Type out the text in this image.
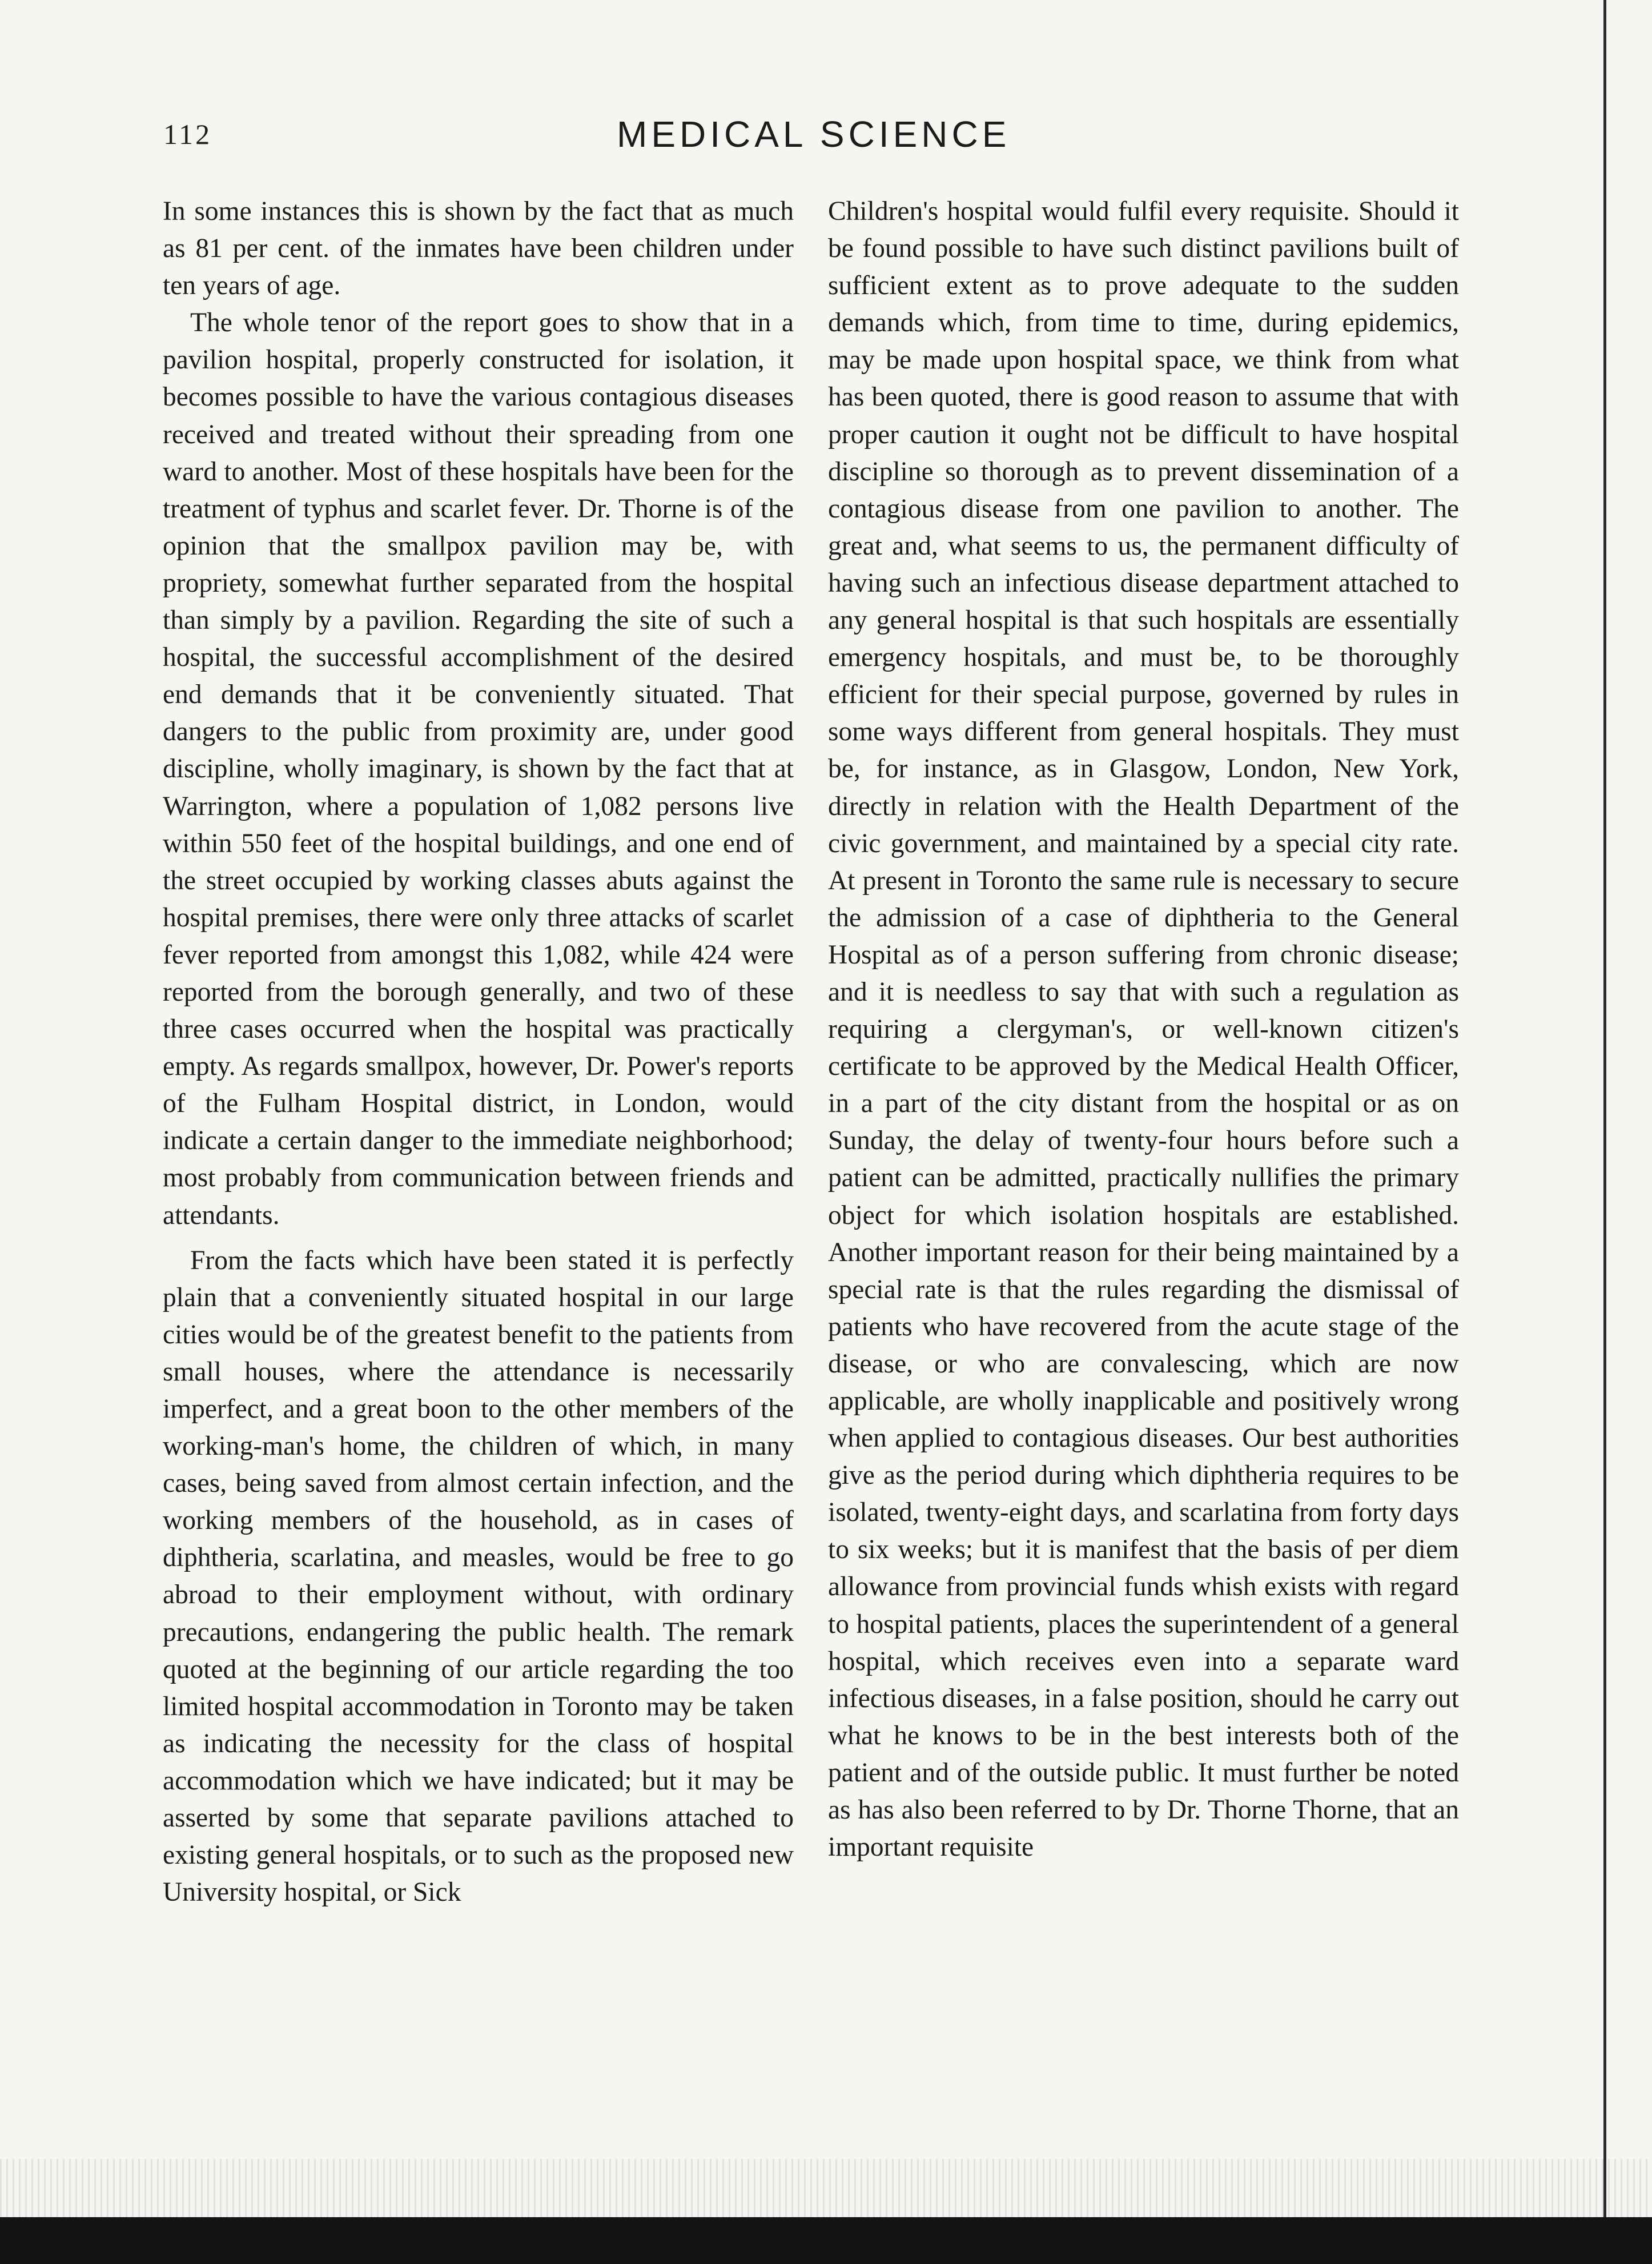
112	MEDICAL SCIENCE

In some instances this is shown by the fact that as much as 81 per cent. of the inmates have been children under ten years of age.

The whole tenor of the report goes to show that in a pavilion hospital, properly constructed for isolation, it becomes possible to have the various contagious diseases received and treated without their spreading from one ward to another. Most of these hospitals have been for the treatment of typhus and scarlet fever. Dr. Thorne is of the opinion that the smallpox pavilion may be, with propriety, somewhat further separated from the hospital than simply by a pavilion. Regarding the site of such a hospital, the successful accomplishment of the desired end demands that it be conveniently situated. That dangers to the public from proximity are, under good discipline, wholly imaginary, is shown by the fact that at Warrington, where a population of 1,082 persons live within 550 feet of the hospital buildings, and one end of the street occupied by working classes abuts against the hospital premises, there were only three attacks of scarlet fever reported from amongst this 1,082, while 424 were reported from the borough generally, and two of these three cases occurred when the hospital was practically empty. As regards smallpox, however, Dr. Power's reports of the Fulham Hospital district, in London, would indicate a certain danger to the immediate neighborhood; most probably from communication between friends and attendants.

From the facts which have been stated it is perfectly plain that a conveniently situated hospital in our large cities would be of the greatest benefit to the patients from small houses, where the attendance is necessarily imperfect, and a great boon to the other members of the working-man's home, the children of which, in many cases, being saved from almost certain infection, and the working members of the household, as in cases of diphtheria, scarlatina, and measles, would be free to go abroad to their employment without, with ordinary precautions, endangering the public health. The remark quoted at the beginning of our article regarding the too limited hospital accommodation in Toronto may be taken as indicating the necessity for the class of hospital accommodation which we have indicated; but it may be asserted by some that separate pavilions attached to existing general hospitals, or to such as the proposed new University hospital, or Sick

Children's hospital would fulfil every requisite. Should it be found possible to have such distinct pavilions built of sufficient extent as to prove adequate to the sudden demands which, from time to time, during epidemics, may be made upon hospital space, we think from what has been quoted, there is good reason to assume that with proper caution it ought not be difficult to have hospital discipline so thorough as to prevent dissemination of a contagious disease from one pavilion to another. The great and, what seems to us, the permanent difficulty of having such an infectious disease department attached to any general hospital is that such hospitals are essentially emergency hospitals, and must be, to be thoroughly efficient for their special purpose, governed by rules in some ways different from general hospitals. They must be, for instance, as in Glasgow, London, New York, directly in relation with the Health Department of the civic government, and maintained by a special city rate. At present in Toronto the same rule is necessary to secure the admission of a case of diphtheria to the General Hospital as of a person suffering from chronic disease; and it is needless to say that with such a regulation as requiring a clergyman's, or well-known citizen's certificate to be approved by the Medical Health Officer, in a part of the city distant from the hospital or as on Sunday, the delay of twenty-four hours before such a patient can be admitted, practically nullifies the primary object for which isolation hospitals are established. Another important reason for their being maintained by a special rate is that the rules regarding the dismissal of patients who have recovered from the acute stage of the disease, or who are convalescing, which are now applicable, are wholly inapplicable and positively wrong when applied to contagious diseases. Our best authorities give as the period during which diphtheria requires to be isolated, twenty-eight days, and scarlatina from forty days to six weeks; but it is manifest that the basis of per diem allowance from provincial funds whish exists with regard to hospital patients, places the superintendent of a general hospital, which receives even into a separate ward infectious diseases, in a false position, should he carry out what he knows to be in the best interests both of the patient and of the outside public. It must further be noted as has also been referred to by Dr. Thorne Thorne, that an important requisite
